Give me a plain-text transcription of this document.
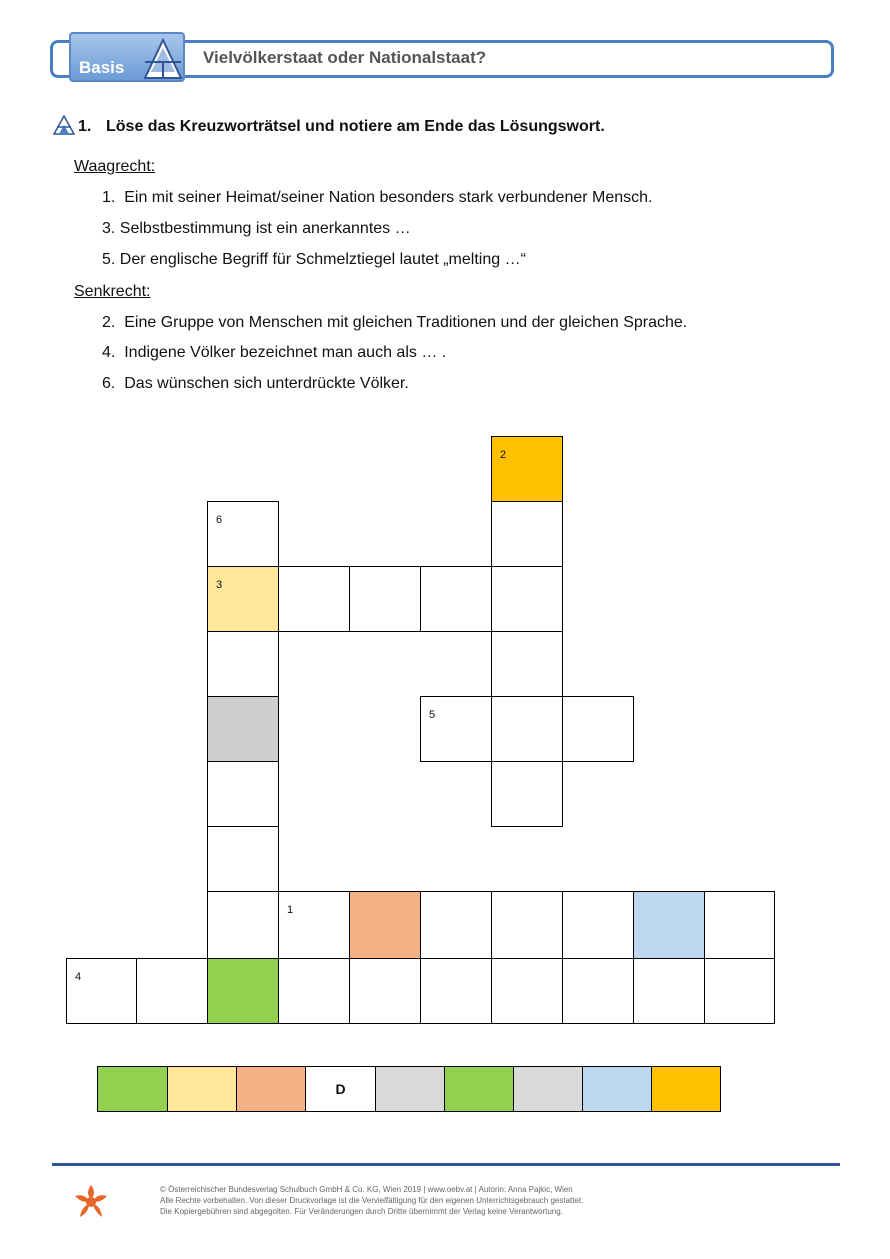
Vielvölkerstaat oder Nationalstaat?
Basis
1. Löse das Kreuzworträtsel und notiere am Ende das Lösungswort.
Waagrecht:
1.  Ein mit seiner Heimat/seiner Nation besonders stark verbundener Mensch.
3. Selbstbestimmung ist ein anerkanntes …
5. Der englische Begriff für Schmelztiegel lautet „melting …“
Senkrecht:
2.  Eine Gruppe von Menschen mit gleichen Traditionen und der gleichen Sprache.
4.  Indigene Völker bezeichnet man auch als … .
6.  Das wünschen sich unterdrückte Völker.
2
6
3
5
1
4
D
© Österreichischer Bundesverlag Schulbuch GmbH & Co. KG, Wien 2019 | www.oebv.at | Autorin: Anna Pajkic, Wien
Alle Rechte vorbehalten. Von dieser Druckvorlage ist die Vervielfältigung für den eigenen Unterrichtsgebrauch gestattet.
Die Kopiergebühren sind abgegolten. Für Veränderungen durch Dritte übernimmt der Verlag keine Verantwortung.
